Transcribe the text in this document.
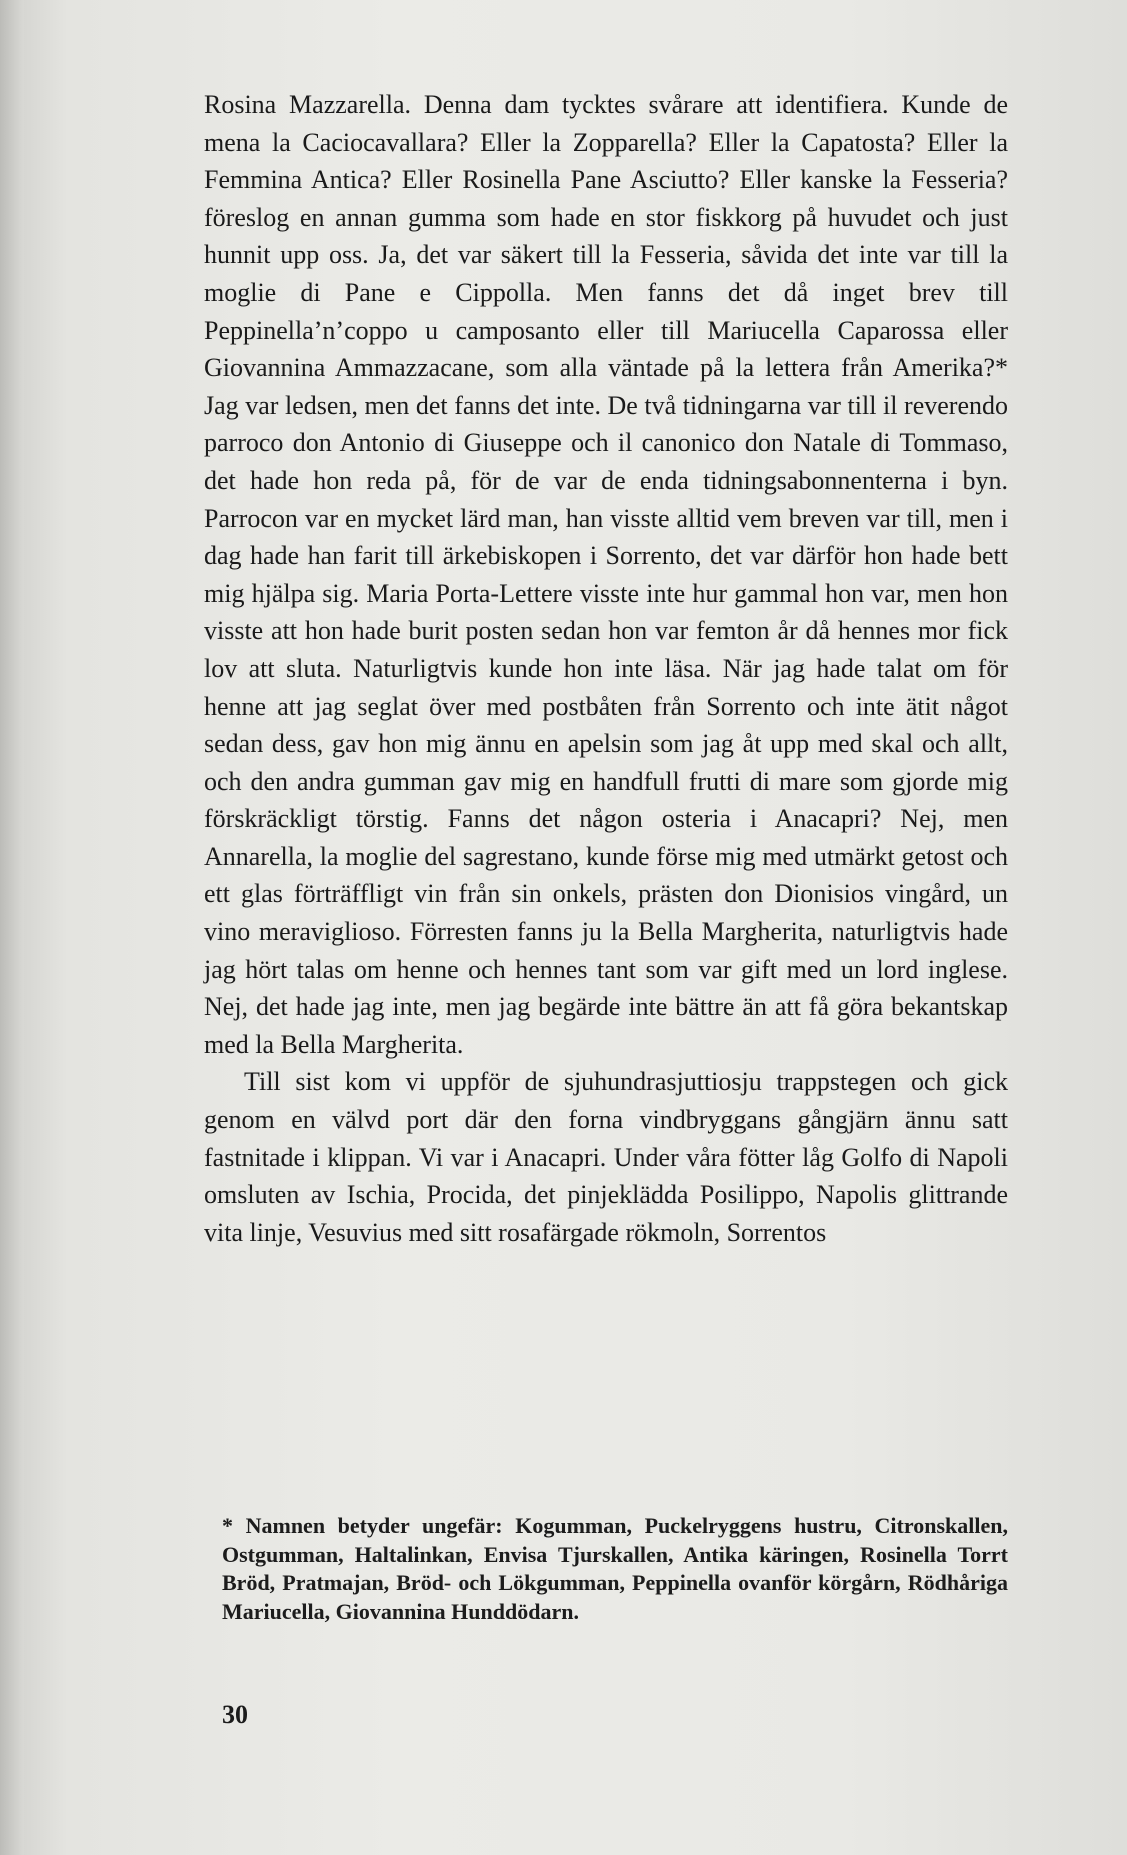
Rosina Mazzarella. Denna dam tycktes svårare att identifiera. Kunde de mena la Caciocavallara? Eller la Zopparella? Eller la Capatosta? Eller la Femmina Antica? Eller Rosinella Pane Asciutto? Eller kanske la Fesseria? föreslog en annan gumma som hade en stor fiskkorg på huvudet och just hunnit upp oss. Ja, det var säkert till la Fesseria, såvida det inte var till la moglie di Pane e Cippolla. Men fanns det då inget brev till Peppinella’n’coppo u camposanto eller till Mariucella Caparossa eller Giovannina Ammazzacane, som alla väntade på la lettera från Amerika?* Jag var ledsen, men det fanns det inte. De två tidningarna var till il reverendo parroco don Antonio di Giuseppe och il canonico don Natale di Tommaso, det hade hon reda på, för de var de enda tidningsabonnenterna i byn. Parrocon var en mycket lärd man, han visste alltid vem breven var till, men i dag hade han farit till ärkebiskopen i Sorrento, det var därför hon hade bett mig hjälpa sig. Maria Porta-Lettere visste inte hur gammal hon var, men hon visste att hon hade burit posten sedan hon var femton år då hennes mor fick lov att sluta. Naturligtvis kunde hon inte läsa. När jag hade talat om för henne att jag seglat över med postbåten från Sorrento och inte ätit något sedan dess, gav hon mig ännu en apelsin som jag åt upp med skal och allt, och den andra gumman gav mig en handfull frutti di mare som gjorde mig förskräckligt törstig. Fanns det någon osteria i Anacapri? Nej, men Annarella, la moglie del sagrestano, kunde förse mig med utmärkt getost och ett glas förträffligt vin från sin onkels, prästen don Dionisios vingård, un vino meraviglioso. Förresten fanns ju la Bella Margherita, naturligtvis hade jag hört talas om henne och hennes tant som var gift med un lord inglese. Nej, det hade jag inte, men jag begärde inte bättre än att få göra bekantskap med la Bella Margherita.

Till sist kom vi uppför de sjuhundrasjuttiosju trappstegen och gick genom en välvd port där den forna vindbryggans gångjärn ännu satt fastnitade i klippan. Vi var i Anacapri. Under våra fötter låg Golfo di Napoli omsluten av Ischia, Procida, det pinjeklädda Posilippo, Napolis glittrande vita linje, Vesuvius med sitt rosafärgade rökmoln, Sorrentos

* Namnen betyder ungefär: Kogumman, Puckelryggens hustru, Citronskallen, Ostgumman, Haltalinkan, Envisa Tjurskallen, Antika käringen, Rosinella Torrt Bröd, Pratmajan, Bröd- och Lökgumman, Peppinella ovanför körgårn, Rödhåriga Mariucella, Giovannina Hunddödarn.

30
